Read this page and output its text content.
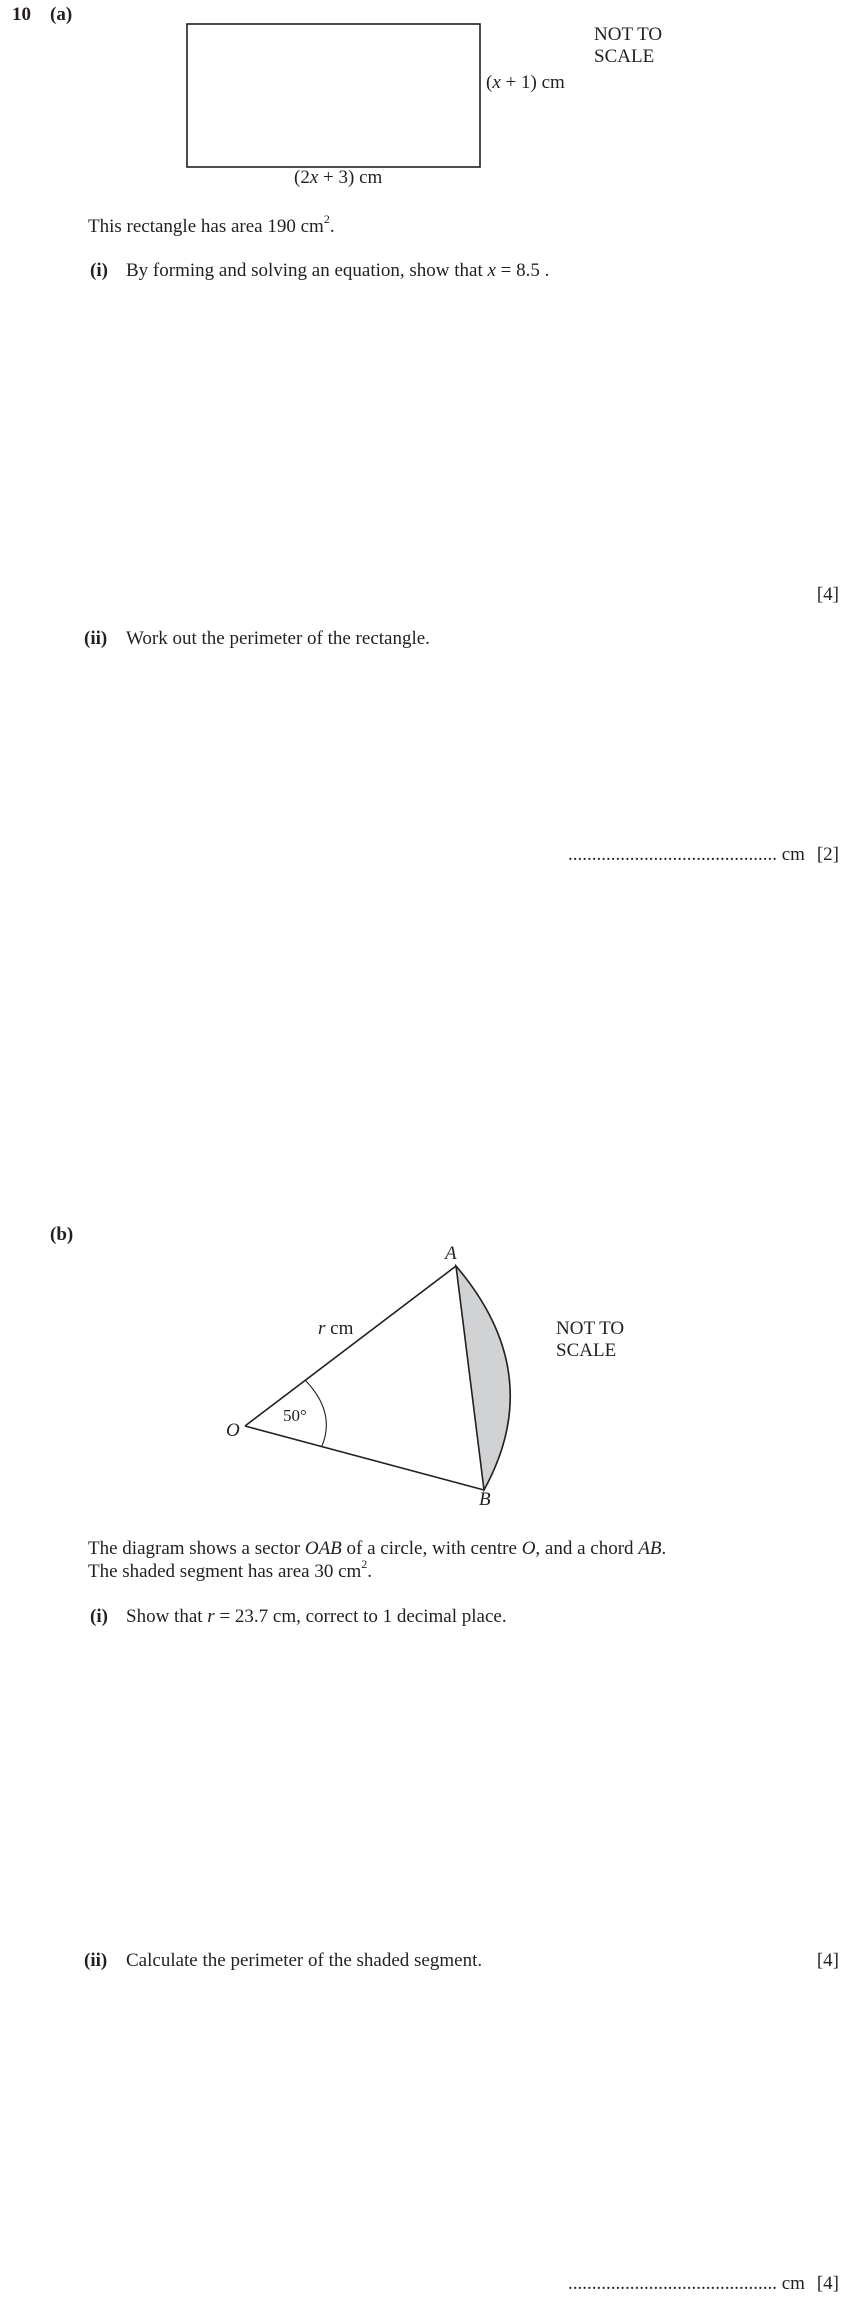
10 (a)
(x + 1) cm
(2x + 3) cm
NOT TO
SCALE
This rectangle has area 190 $cm^2$.
(i) By forming and solving an equation, show that x = 8.5 .
[4]
(ii) Work out the perimeter of the rectangle.
............................................ cm [2]
(b)
A
B
O
r cm
50°
NOT TO
SCALE
The diagram shows a sector OAB of a circle, with centre O, and a chord AB.
The shaded segment has area 30 $cm^2$.
(i) Show that r = 23.7 cm, correct to 1 decimal place.
[4]
(ii) Calculate the perimeter of the shaded segment.
............................................ cm [4]
